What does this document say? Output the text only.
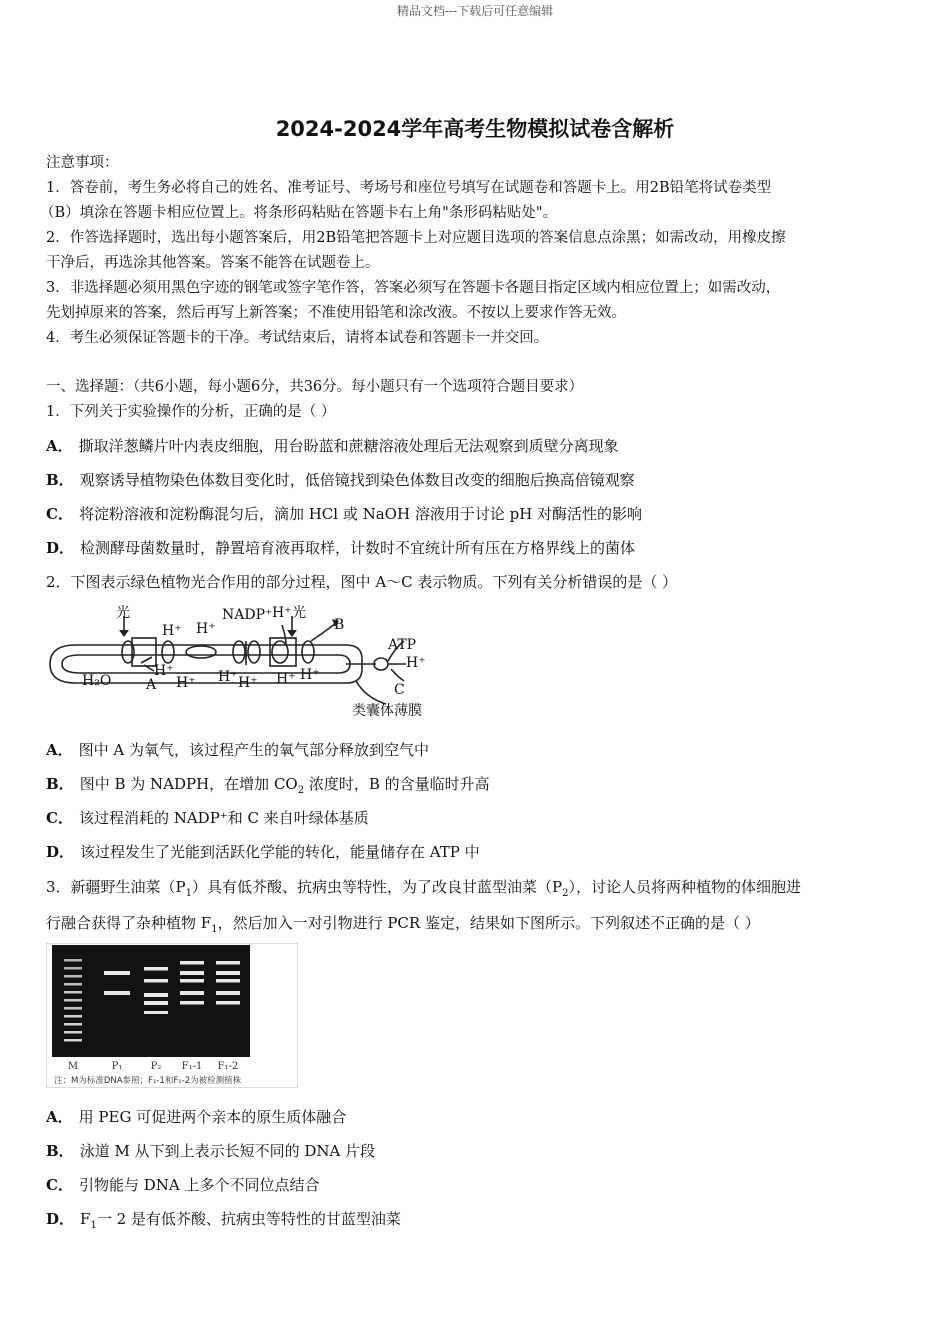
精品文档---下载后可任意编辑
2024-2024学年高考生物模拟试卷含解析
注意事项：
1．答卷前，考生务必将自己的姓名、准考证号、考场号和座位号填写在试题卷和答题卡上。用2B铅笔将试卷类型
（B）填涂在答题卡相应位置上。将条形码粘贴在答题卡右上角"条形码粘贴处"。
2．作答选择题时，选出每小题答案后，用2B铅笔把答题卡上对应题目选项的答案信息点涂黑；如需改动，用橡皮擦
干净后，再选涂其他答案。答案不能答在试题卷上。
3．非选择题必须用黑色字迹的钢笔或签字笔作答，答案必须写在答题卡各题目指定区域内相应位置上；如需改动，
先划掉原来的答案，然后再写上新答案；不准使用铅笔和涂改液。不按以上要求作答无效。
4．考生必须保证答题卡的干净。考试结束后，请将本试卷和答题卡一并交回。
一、选择题：（共6小题，每小题6分，共36分。每小题只有一个选项符合题目要求）
1．下列关于实验操作的分析，正确的是（ ）
A． 撕取洋葱鳞片叶内表皮细胞，用台盼蓝和蔗糖溶液处理后无法观察到质壁分离现象
B． 观察诱导植物染色体数目变化时，低倍镜找到染色体数目改变的细胞后换高倍镜观察
C． 将淀粉溶液和淀粉酶混匀后，滴加 HCl 或 NaOH 溶液用于讨论 pH 对酶活性的影响
D． 检测酵母菌数量时，静置培育液再取样，计数时不宜统计所有压在方格界线上的菌体
2．下图表示绿色植物光合作用的部分过程，图中 A～C 表示物质。下列有关分析错误的是（ ）
光
H⁺ H⁺
NADP⁺ H⁺ 光
B
ATP
H⁺
C
H₂O A
H⁺
H⁺ H⁺ H⁺ H⁺ H⁺
类囊体薄膜
A． 图中 A 为氧气，该过程产生的氧气部分释放到空气中
B． 图中 B 为 NADPH，在增加 $CO_2$ 浓度时，B 的含量临时升高
C． 该过程消耗的 NADP⁺和 C 来自叶绿体基质
D． 该过程发生了光能到活跃化学能的转化，能量储存在 ATP 中
3．新疆野生油菜$(P_1)$具有低芥酸、抗病虫等特性，为了改良甘蓝型油菜$(P_2)$，讨论人员将两种植物的体细胞进
行融合获得了杂种植物 $F_1$，然后加入一对引物进行 PCR 鉴定，结果如下图所示。下列叙述不正确的是（ ）
M	P₁	P₂ F₁-1 F₁-2
注：M为标准DNA参照；F₁-1和F₁-2为被检测植株
A． 用 PEG 可促进两个亲本的原生质体融合
B． 泳道 M 从下到上表示长短不同的 DNA 片段
C． 引物能与 DNA 上多个不同位点结合
D． $F_1$一 2 是有低芥酸、抗病虫等特性的甘蓝型油菜
